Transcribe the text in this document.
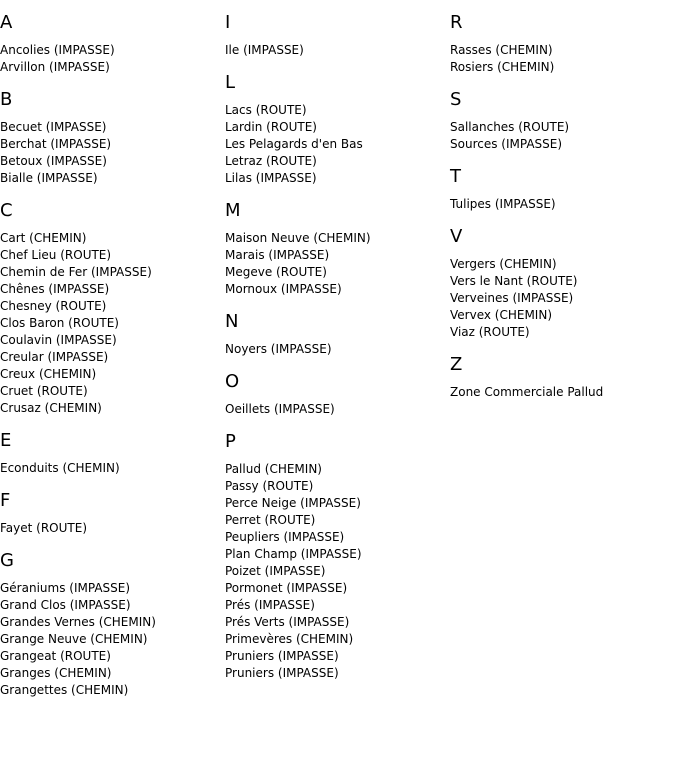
A
Ancolies (IMPASSE)
Arvillon (IMPASSE)
B
Becuet (IMPASSE)
Berchat (IMPASSE)
Betoux (IMPASSE)
Bialle (IMPASSE)
C
Cart (CHEMIN)
Chef Lieu (ROUTE)
Chemin de Fer (IMPASSE)
Chênes (IMPASSE)
Chesney (ROUTE)
Clos Baron (ROUTE)
Coulavin (IMPASSE)
Creular (IMPASSE)
Creux (CHEMIN)
Cruet (ROUTE)
Crusaz (CHEMIN)
E
Econduits (CHEMIN)
F
Fayet (ROUTE)
G
Géraniums (IMPASSE)
Grand Clos (IMPASSE)
Grandes Vernes (CHEMIN)
Grange Neuve (CHEMIN)
Grangeat (ROUTE)
Granges (CHEMIN)
Grangettes (CHEMIN)
I
Ile (IMPASSE)
L
Lacs (ROUTE)
Lardin (ROUTE)
Les Pelagards d'en Bas
Letraz (ROUTE)
Lilas (IMPASSE)
M
Maison Neuve (CHEMIN)
Marais (IMPASSE)
Megeve (ROUTE)
Mornoux (IMPASSE)
N
Noyers (IMPASSE)
O
Oeillets (IMPASSE)
P
Pallud (CHEMIN)
Passy (ROUTE)
Perce Neige (IMPASSE)
Perret (ROUTE)
Peupliers (IMPASSE)
Plan Champ (IMPASSE)
Poizet (IMPASSE)
Pormonet (IMPASSE)
Prés (IMPASSE)
Prés Verts (IMPASSE)
Primevères (CHEMIN)
Pruniers (IMPASSE)
Pruniers (IMPASSE)
R
Rasses (CHEMIN)
Rosiers (CHEMIN)
S
Sallanches (ROUTE)
Sources (IMPASSE)
T
Tulipes (IMPASSE)
V
Vergers (CHEMIN)
Vers le Nant (ROUTE)
Verveines (IMPASSE)
Vervex (CHEMIN)
Viaz (ROUTE)
Z
Zone Commerciale Pallud
